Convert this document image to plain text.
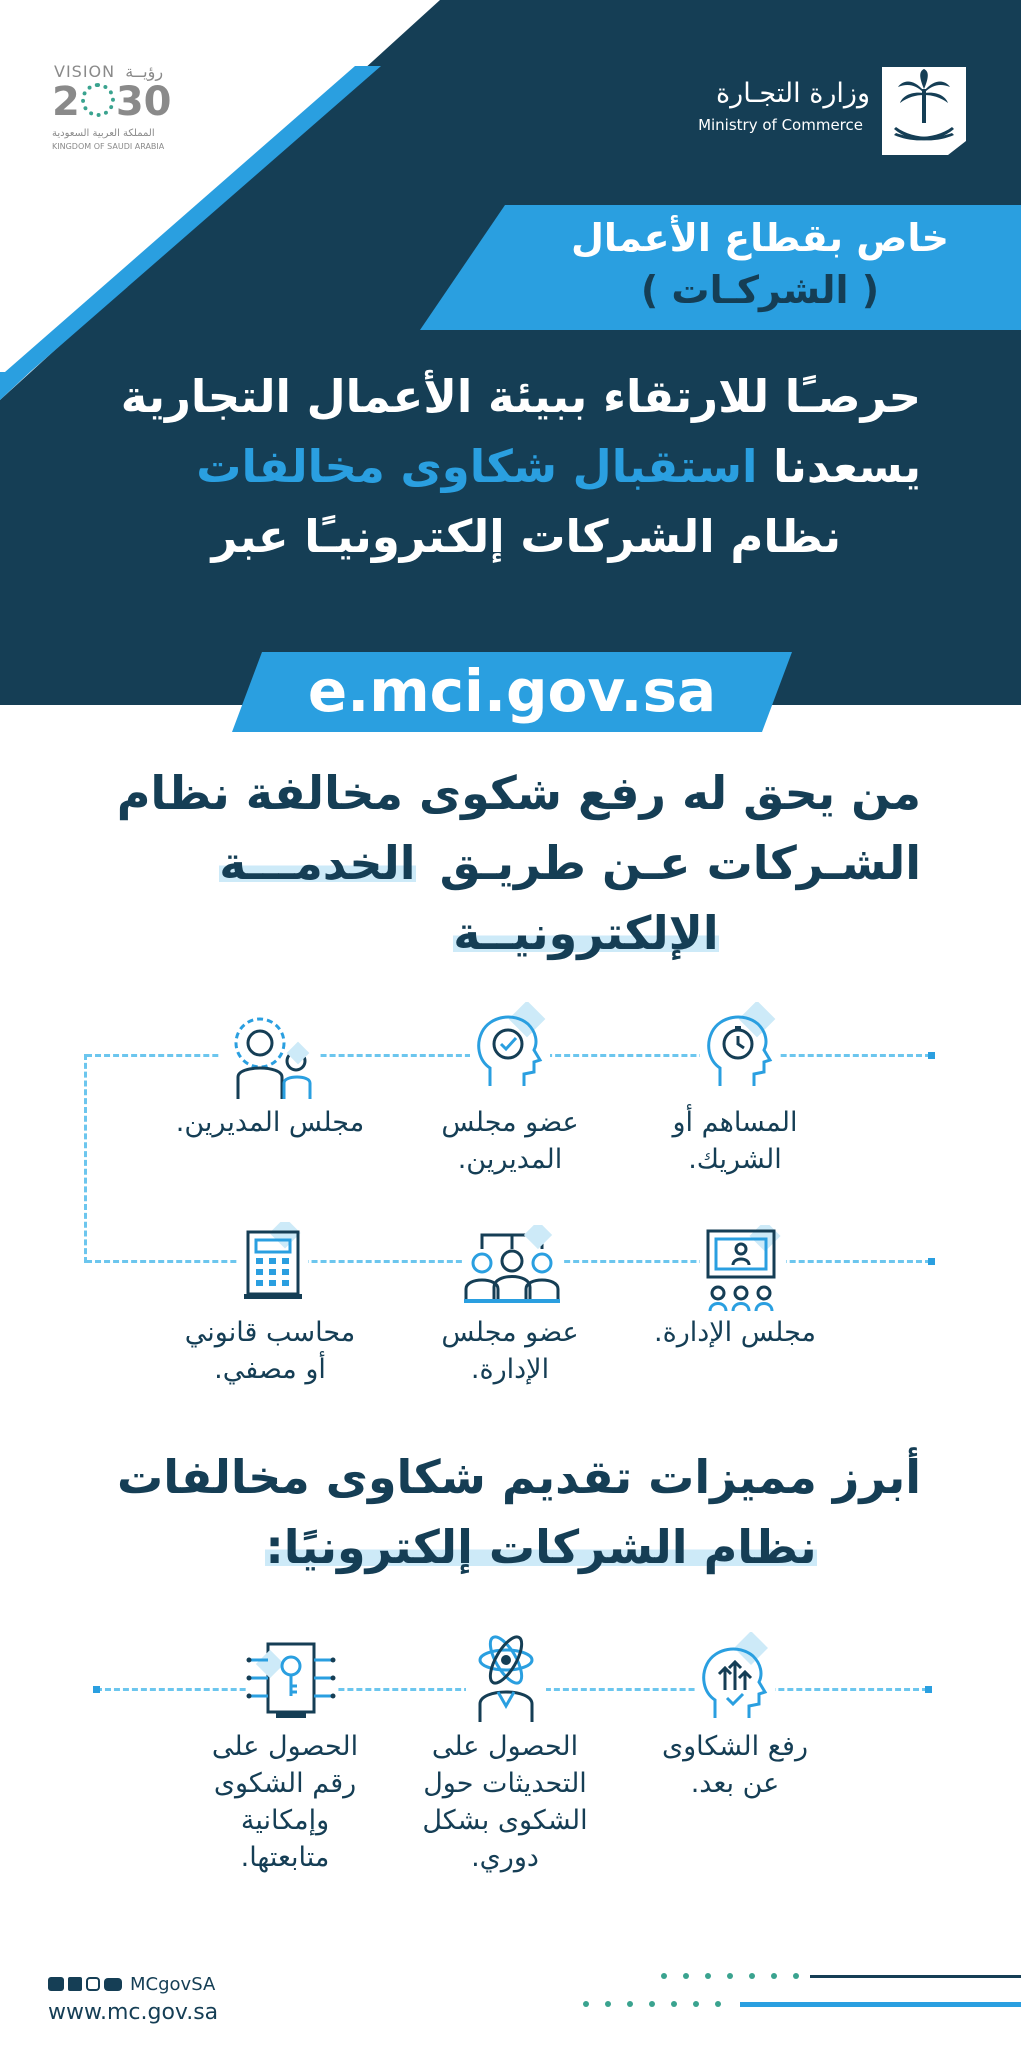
VISION رؤيــة
2 30
المملكة العربية السعودية
KINGDOM OF SAUDI ARABIA
وزارة التجـارة
Ministry of Commerce
خاص بقطاع الأعمال
( الشركـات )
حرصـًا للارتقاء ببيئة الأعمال التجارية
يسعدنا استقبال شكاوى مخالفات
نظام الشركات إلكترونيـًا عبر
e.mci.gov.sa
من يحق له رفع شكوى مخالفة نظام
الشـركات عـن طريـق الخدمـــة
الإلكترونيــة
المساهم أو
الشريك.
عضو مجلس
المديرين.
مجلس المديرين.
مجلس الإدارة.
عضو مجلس
الإدارة.
محاسب قانوني
أو مصفي.
أبرز مميزات تقديم شكاوى مخالفات
نظام الشركات إلكترونيًا:
رفع الشكاوى
عن بعد.
الحصول على
التحديثات حول
الشكوى بشكل
دوري.
الحصول على
رقم الشكوى
وإمكانية
متابعتها.
MCgovSA
www.mc.gov.sa
